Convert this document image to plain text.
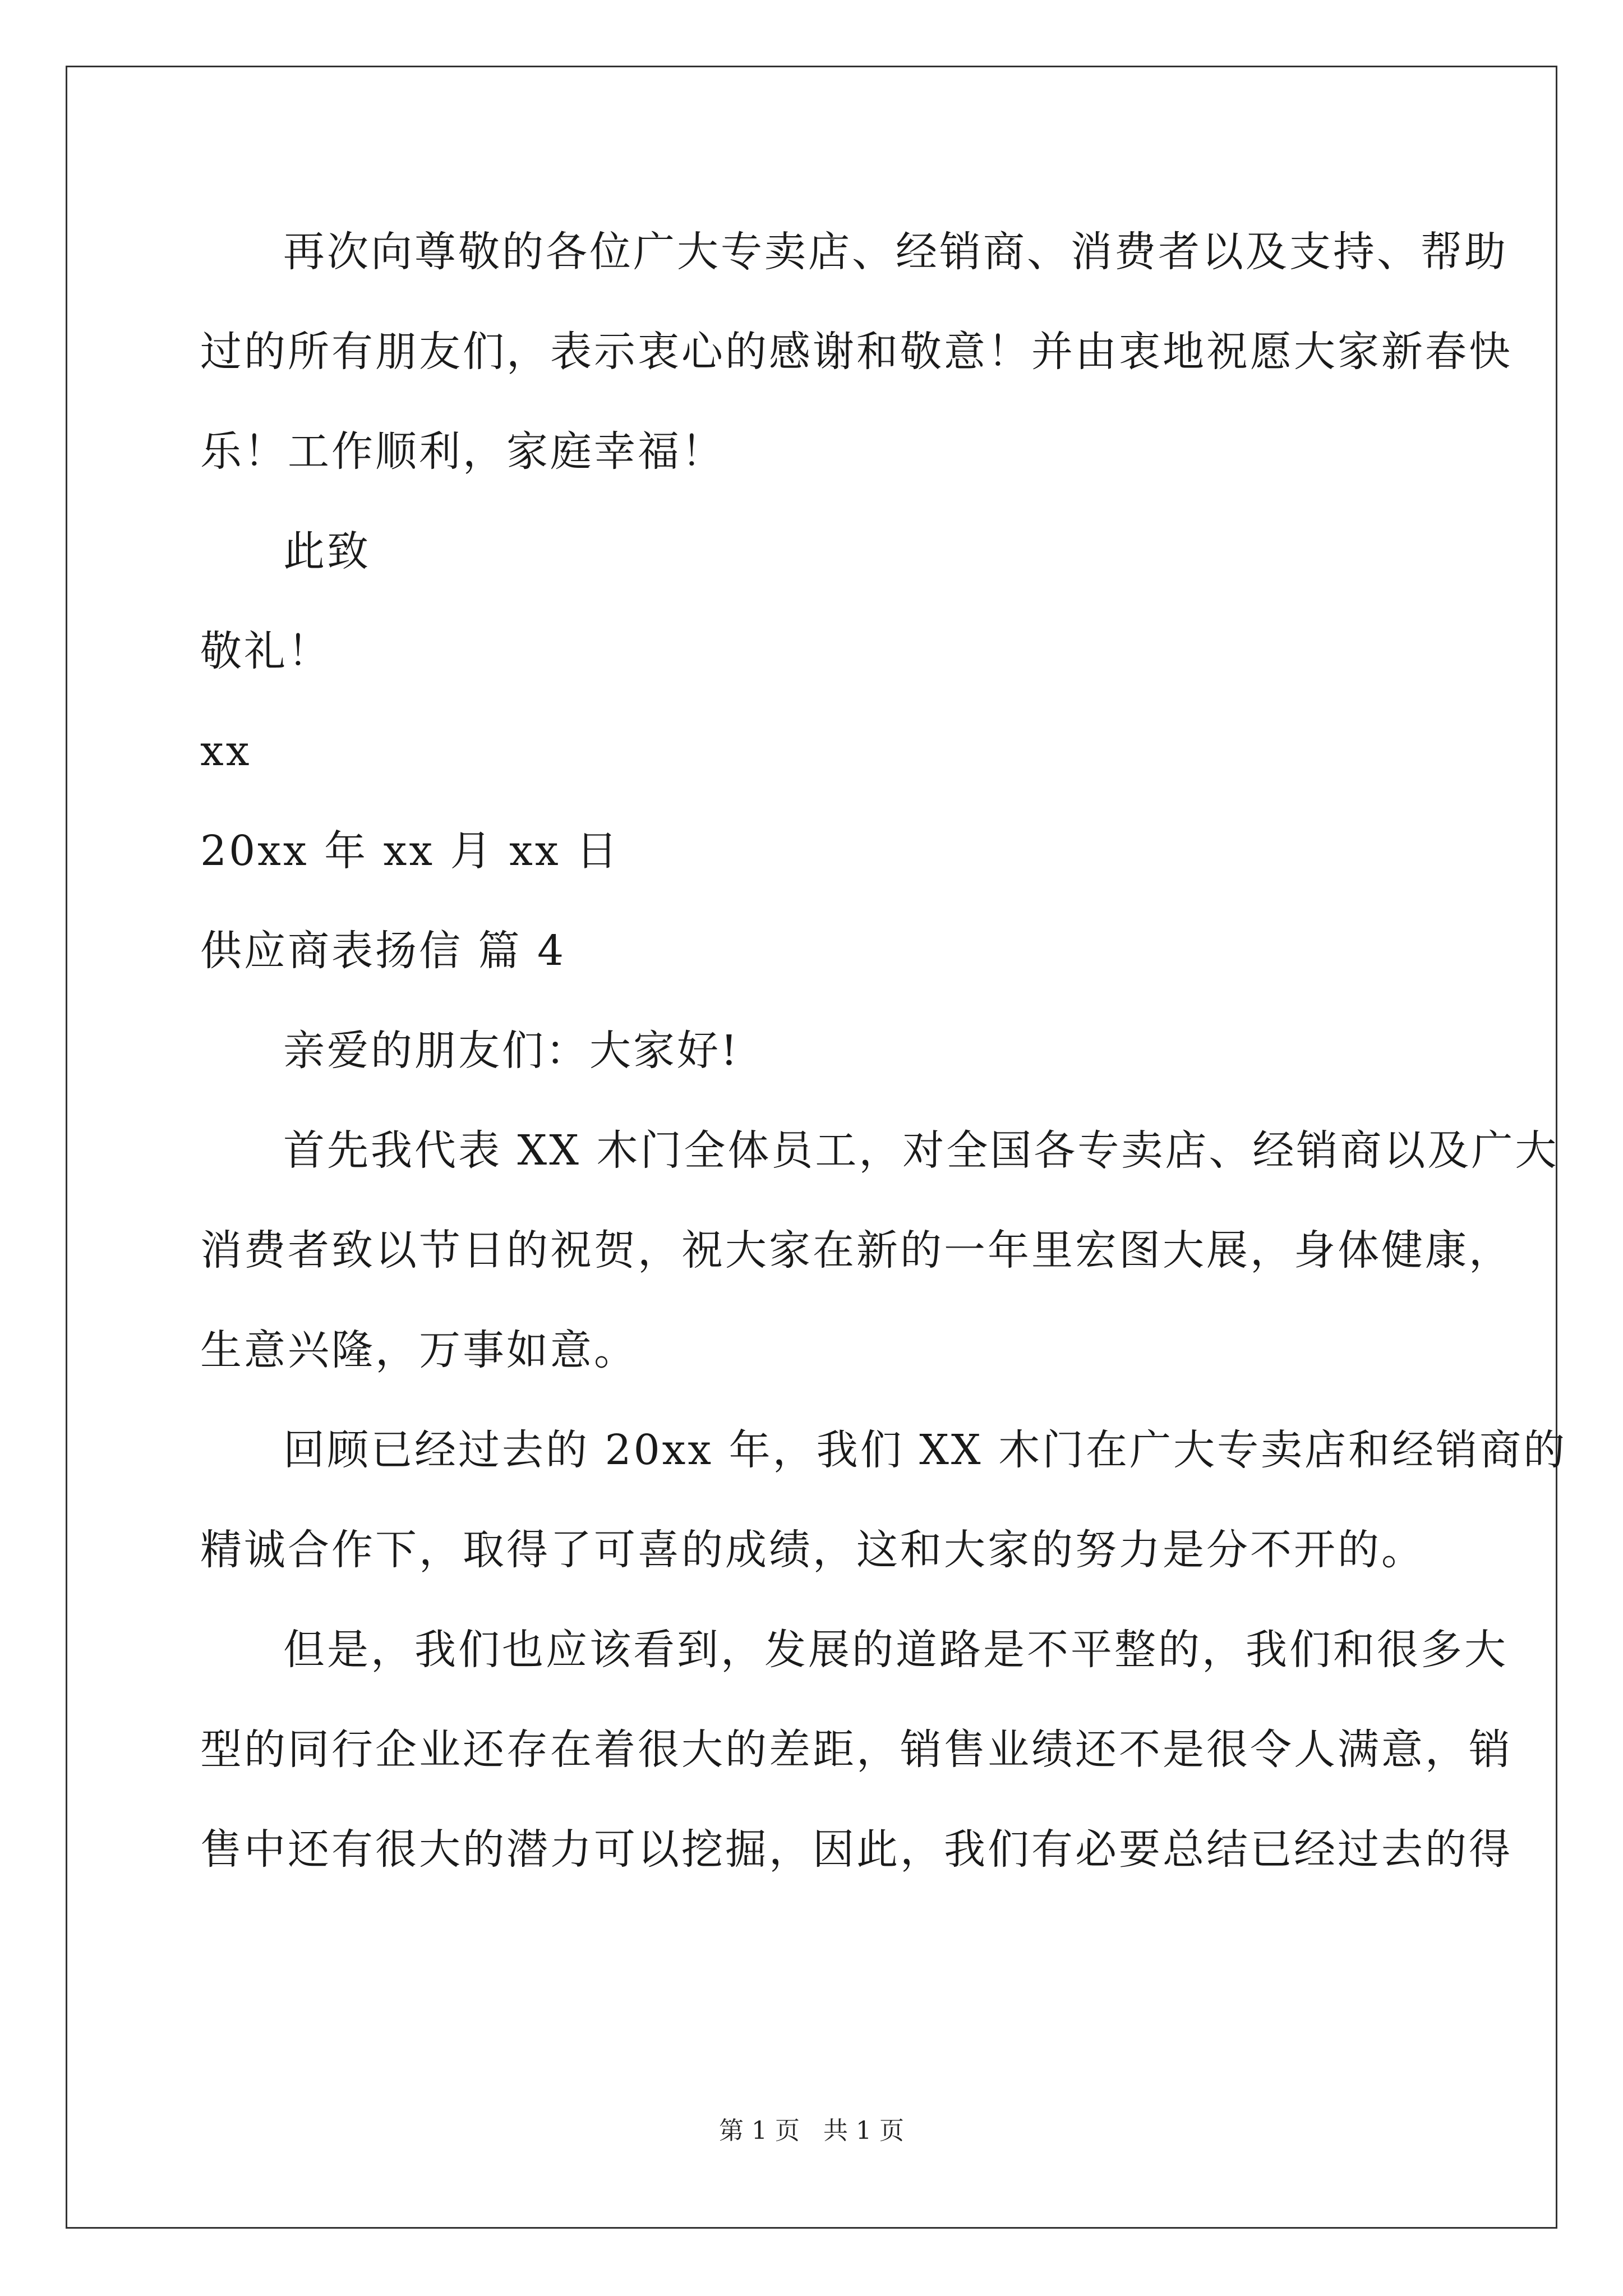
再次向尊敬的各位广大专卖店、经销商、消费者以及支持、帮助
过的所有朋友们，表示衷心的感谢和敬意！并由衷地祝愿大家新春快
乐！工作顺利，家庭幸福！
此致
敬礼！
xx
20xx 年 xx 月 xx 日
供应商表扬信 篇 4
亲爱的朋友们：大家好!
首先我代表 XX 木门全体员工，对全国各专卖店、经销商以及广大
消费者致以节日的祝贺，祝大家在新的一年里宏图大展，身体健康，
生意兴隆，万事如意。
回顾已经过去的 20xx 年，我们 XX 木门在广大专卖店和经销商的
精诚合作下，取得了可喜的成绩，这和大家的努力是分不开的。
但是，我们也应该看到，发展的道路是不平整的，我们和很多大
型的同行企业还存在着很大的差距，销售业绩还不是很令人满意，销
售中还有很大的潜力可以挖掘，因此，我们有必要总结已经过去的得
第 1 页 共 1 页
